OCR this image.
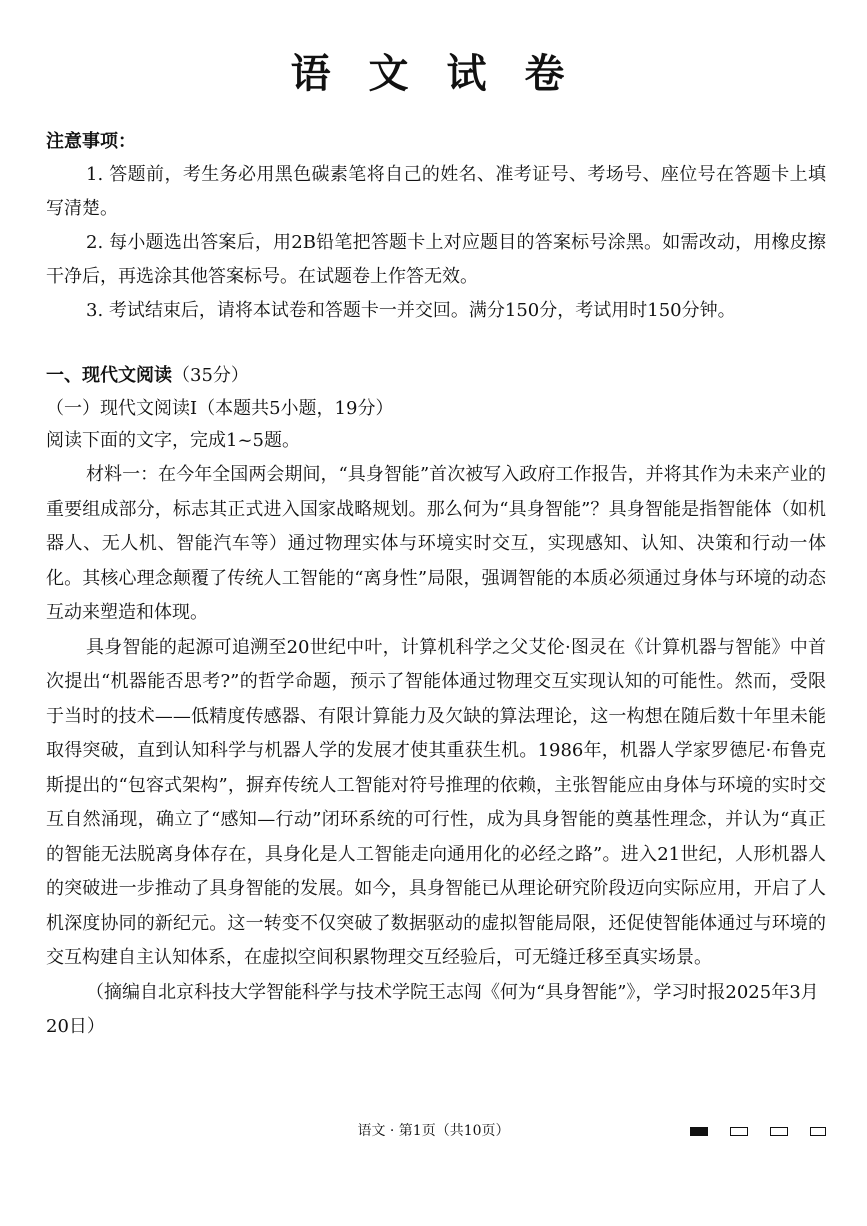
语 文 试 卷
注意事项：

1. 答题前，考生务必用黑色碳素笔将自己的姓名、准考证号、考场号、座位号在答题卡上填写清楚。

2. 每小题选出答案后，用2B铅笔把答题卡上对应题目的答案标号涂黑。如需改动，用橡皮擦干净后，再选涂其他答案标号。在试题卷上作答无效。

3. 考试结束后，请将本试卷和答题卡一并交回。满分150分，考试用时150分钟。

一、现代文阅读（35分）
（一）现代文阅读Ⅰ（本题共5小题，19分）
阅读下面的文字，完成1~5题。

材料一：在今年全国两会期间，“具身智能”首次被写入政府工作报告，并将其作为未来产业的重要组成部分，标志其正式进入国家战略规划。那么何为“具身智能”？具身智能是指智能体（如机器人、无人机、智能汽车等）通过物理实体与环境实时交互，实现感知、认知、决策和行动一体化。其核心理念颠覆了传统人工智能的“离身性”局限，强调智能的本质必须通过身体与环境的动态互动来塑造和体现。

具身智能的起源可追溯至20世纪中叶，计算机科学之父艾伦·图灵在《计算机器与智能》中首次提出“机器能否思考?”的哲学命题，预示了智能体通过物理交互实现认知的可能性。然而，受限于当时的技术——低精度传感器、有限计算能力及欠缺的算法理论，这一构想在随后数十年里未能取得突破，直到认知科学与机器人学的发展才使其重获生机。1986年，机器人学家罗德尼·布鲁克斯提出的“包容式架构”，摒弃传统人工智能对符号推理的依赖，主张智能应由身体与环境的实时交互自然涌现，确立了“感知—行动”闭环系统的可行性，成为具身智能的奠基性理念，并认为“真正的智能无法脱离身体存在，具身化是人工智能走向通用化的必经之路”。进入21世纪，人形机器人的突破进一步推动了具身智能的发展。如今，具身智能已从理论研究阶段迈向实际应用，开启了人机深度协同的新纪元。这一转变不仅突破了数据驱动的虚拟智能局限，还促使智能体通过与环境的交互构建自主认知体系，在虚拟空间积累物理交互经验后，可无缝迁移至真实场景。

（摘编自北京科技大学智能科学与技术学院王志闯《何为“具身智能”》，学习时报2025年3月20日）

语文 · 第1页（共10页）
